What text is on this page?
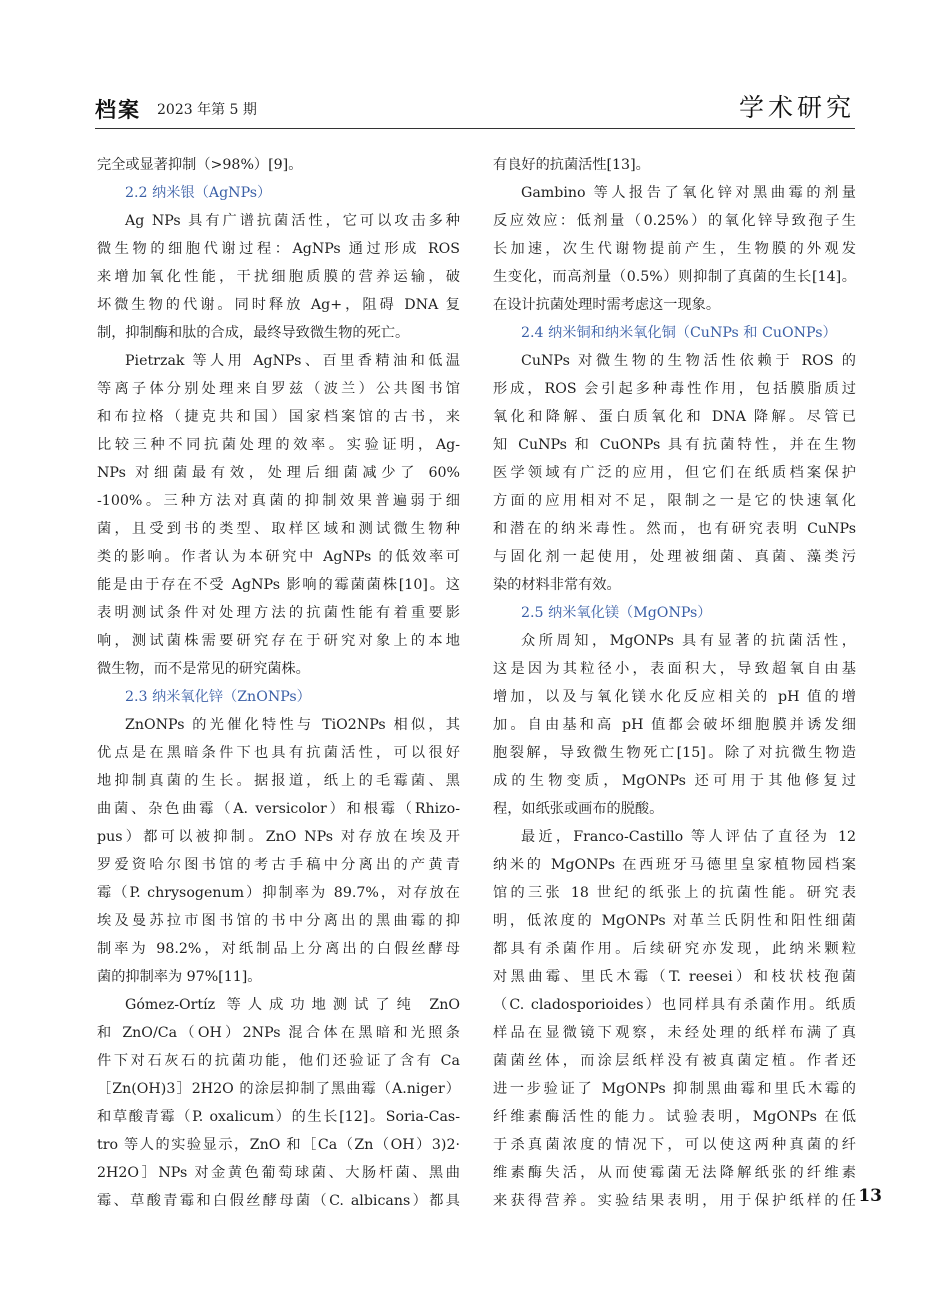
档案 2023 年第 5 期	学术研究
完全或显著抑制（>98%）[9]。
2.2 纳米银（AgNPs）
Ag NPs 具有广谱抗菌活性，它可以攻击多种
微生物的细胞代谢过程：AgNPs 通过形成 ROS
来增加氧化性能，干扰细胞质膜的营养运输，破
坏微生物的代谢。同时释放 Ag+，阻碍 DNA 复
制，抑制酶和肽的合成，最终导致微生物的死亡。
Pietrzak 等人用 AgNPs、百里香精油和低温
等离子体分别处理来自罗兹（波兰）公共图书馆
和布拉格（捷克共和国）国家档案馆的古书，来
比较三种不同抗菌处理的效率。实验证明，Ag-
NPs 对细菌最有效，处理后细菌减少了 60%
-100%。三种方法对真菌的抑制效果普遍弱于细
菌，且受到书的类型、取样区域和测试微生物种
类的影响。作者认为本研究中 AgNPs 的低效率可
能是由于存在不受 AgNPs 影响的霉菌菌株[10]。这
表明测试条件对处理方法的抗菌性能有着重要影
响，测试菌株需要研究存在于研究对象上的本地
微生物，而不是常见的研究菌株。
2.3 纳米氧化锌（ZnONPs）
ZnONPs 的光催化特性与 TiO2NPs 相似，其
优点是在黑暗条件下也具有抗菌活性，可以很好
地抑制真菌的生长。据报道，纸上的毛霉菌、黑
曲菌、杂色曲霉（A. versicolor）和根霉（Rhizo-
pus）都可以被抑制。ZnO NPs 对存放在埃及开
罗爱资哈尔图书馆的考古手稿中分离出的产黄青
霉（P. chrysogenum）抑制率为 89.7%，对存放在
埃及曼苏拉市图书馆的书中分离出的黑曲霉的抑
制率为 98.2%，对纸制品上分离出的白假丝酵母
菌的抑制率为 97%[11]。
Gómez-Ortíz 等人成功地测试了纯 ZnO
和 ZnO/Ca（OH）2NPs 混合体在黑暗和光照条
件下对石灰石的抗菌功能，他们还验证了含有 Ca
［Zn(OH)3］2H2O 的涂层抑制了黑曲霉（A.niger）
和草酸青霉（P. oxalicum）的生长[12]。Soria-Cas-
tro 等人的实验显示，ZnO 和［Ca（Zn（OH）3)2·
2H2O］NPs 对金黄色葡萄球菌、大肠杆菌、黑曲
霉、草酸青霉和白假丝酵母菌（C. albicans）都具
有良好的抗菌活性[13]。
Gambino 等人报告了氧化锌对黑曲霉的剂量
反应效应：低剂量（0.25%）的氧化锌导致孢子生
长加速，次生代谢物提前产生，生物膜的外观发
生变化，而高剂量（0.5%）则抑制了真菌的生长[14]。
在设计抗菌处理时需考虑这一现象。
2.4 纳米铜和纳米氧化铜（CuNPs 和 CuONPs）
CuNPs 对微生物的生物活性依赖于 ROS 的
形成，ROS 会引起多种毒性作用，包括膜脂质过
氧化和降解、蛋白质氧化和 DNA 降解。尽管已
知 CuNPs 和 CuONPs 具有抗菌特性，并在生物
医学领域有广泛的应用，但它们在纸质档案保护
方面的应用相对不足，限制之一是它的快速氧化
和潜在的纳米毒性。然而，也有研究表明 CuNPs
与固化剂一起使用，处理被细菌、真菌、藻类污
染的材料非常有效。
2.5 纳米氧化镁（MgONPs）
众所周知，MgONPs 具有显著的抗菌活性，
这是因为其粒径小，表面积大，导致超氧自由基
增加，以及与氧化镁水化反应相关的 pH 值的增
加。自由基和高 pH 值都会破坏细胞膜并诱发细
胞裂解，导致微生物死亡[15]。除了对抗微生物造
成的生物变质，MgONPs 还可用于其他修复过
程，如纸张或画布的脱酸。
最近，Franco-Castillo 等人评估了直径为 12
纳米的 MgONPs 在西班牙马德里皇家植物园档案
馆的三张 18 世纪的纸张上的抗菌性能。研究表
明，低浓度的 MgONPs 对革兰氏阴性和阳性细菌
都具有杀菌作用。后续研究亦发现，此纳米颗粒
对黑曲霉、里氏木霉（T. reesei）和枝状枝孢菌
（C. cladosporioides）也同样具有杀菌作用。纸质
样品在显微镜下观察，未经处理的纸样布满了真
菌菌丝体，而涂层纸样没有被真菌定植。作者还
进一步验证了 MgONPs 抑制黑曲霉和里氏木霉的
纤维素酶活性的能力。试验表明，MgONPs 在低
于杀真菌浓度的情况下，可以使这两种真菌的纤
维素酶失活，从而使霉菌无法降解纸张的纤维素
来获得营养。实验结果表明，用于保护纸样的任 13
